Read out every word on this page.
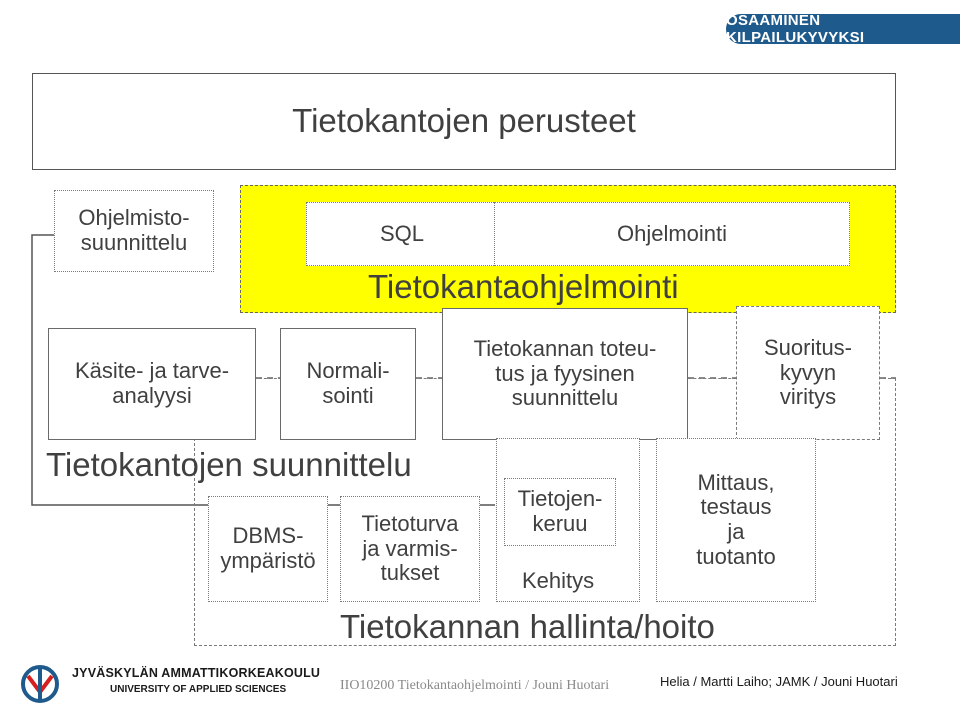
OSAAMINEN KILPAILUKYVYKSI
Tietokantojen perusteet
Ohjelmisto-
suunnittelu	SQL	Ohjelmointi
Tietokantaohjelmointi
Käsite- ja tarve-
analyysi
Normali-
sointi
Tietokannan toteu-
tus ja fyysinen
suunnittelu
Suoritus-
kyvyn
viritys
Tietokantojen suunnittelu
DBMS-
ympäristö
Tietoturva
ja varmis-
tukset	Kehitys
Tietojen-
keruu
Mittaus,
testaus
ja
tuotanto
Tietokannan hallinta/hoito
JYVÄSKYLÄN AMMATTIKORKEAKOULU
UNIVERSITY OF APPLIED SCIENCES	IIO10200 Tietokantaohjelmointi / Jouni Huotari	Helia / Martti Laiho; JAMK / Jouni Huotari
